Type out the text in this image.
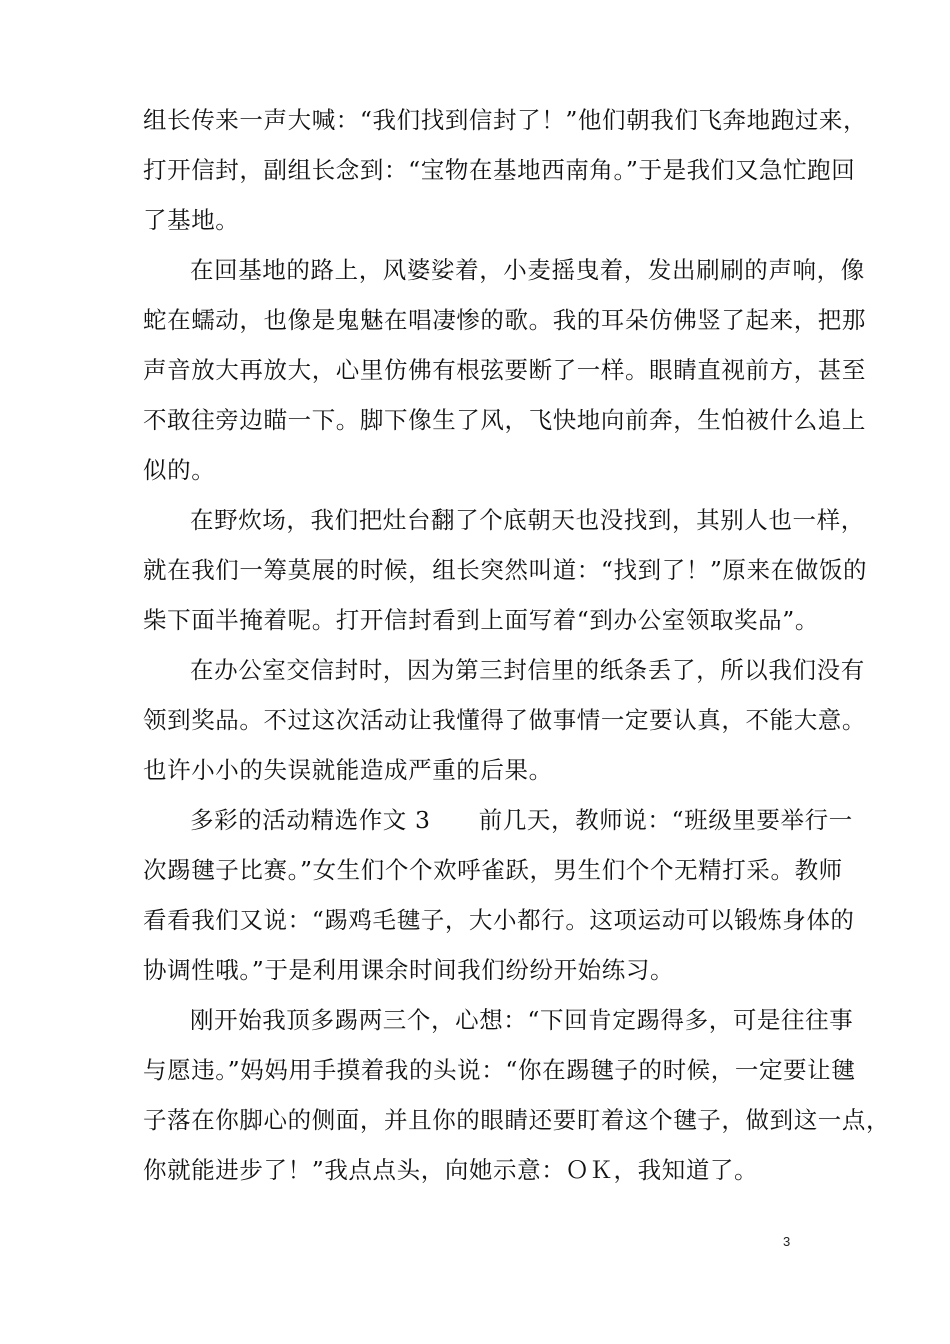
组长传来一声大喊：“我们找到信封了！”他们朝我们飞奔地跑过来，
打开信封，副组长念到：“宝物在基地西南角。”于是我们又急忙跑回
了基地。
在回基地的路上，风婆娑着，小麦摇曳着，发出刷刷的声响，像
蛇在蠕动，也像是鬼魅在唱凄惨的歌。我的耳朵仿佛竖了起来，把那
声音放大再放大，心里仿佛有根弦要断了一样。眼睛直视前方，甚至
不敢往旁边瞄一下。脚下像生了风，飞快地向前奔，生怕被什么追上
似的。
在野炊场，我们把灶台翻了个底朝天也没找到，其别人也一样，
就在我们一筹莫展的时候，组长突然叫道：“找到了！”原来在做饭的
柴下面半掩着呢。打开信封看到上面写着“到办公室领取奖品”。
在办公室交信封时，因为第三封信里的纸条丢了，所以我们没有
领到奖品。不过这次活动让我懂得了做事情一定要认真，不能大意。
也许小小的失误就能造成严重的后果。
多彩的活动精选作文 3　　前几天，教师说：“班级里要举行一
次踢毽子比赛。”女生们个个欢呼雀跃，男生们个个无精打采。教师
看看我们又说：“踢鸡毛毽子，大小都行。这项运动可以锻炼身体的
协调性哦。”于是利用课余时间我们纷纷开始练习。
刚开始我顶多踢两三个，心想：“下回肯定踢得多，可是往往事
与愿违。”妈妈用手摸着我的头说：“你在踢毽子的时候，一定要让毽
子落在你脚心的侧面，并且你的眼睛还要盯着这个毽子，做到这一点，
你就能进步了！”我点点头，向她示意：ＯＫ，我知道了。
3
